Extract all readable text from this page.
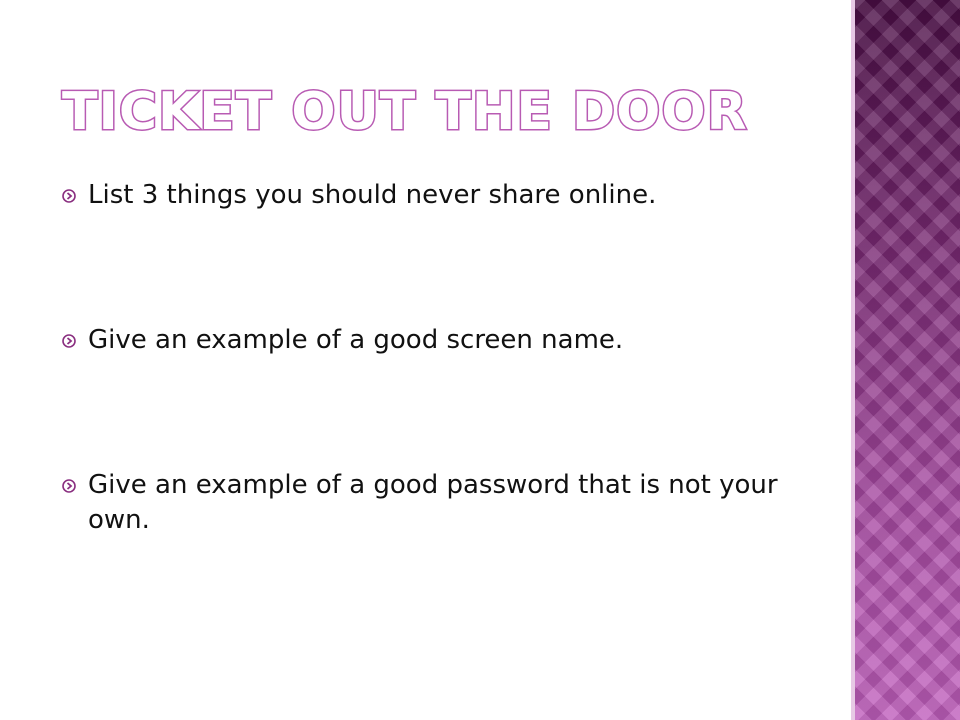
TICKET OUT THE DOOR
List 3 things you should never share online.
Give an example of a good screen name.
Give an example of a good password that is not your own.
